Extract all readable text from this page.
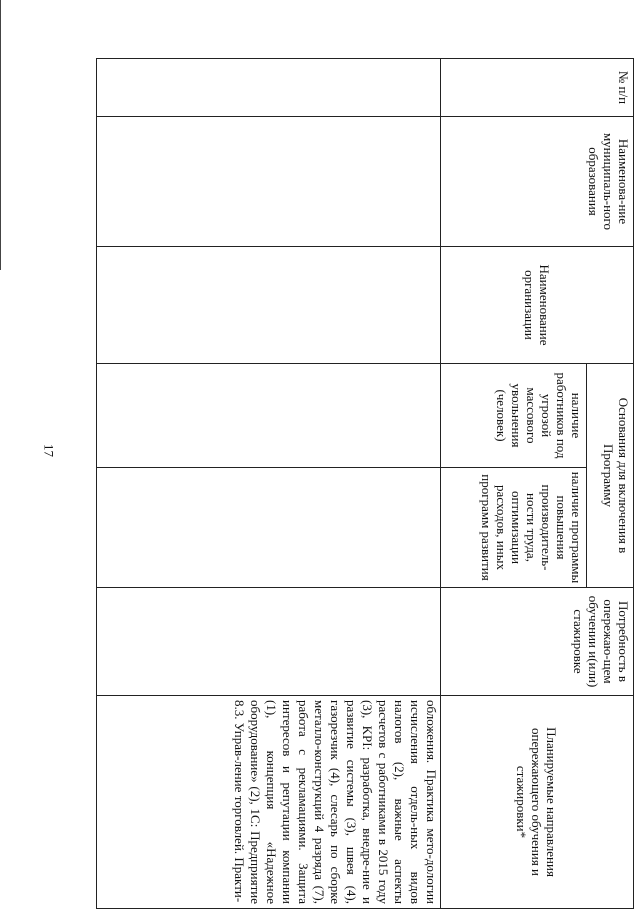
17
№ п/п	Наименова-ние муниципаль-ного образования	Наименование организации	Основания для включения в Программу		Потребность в опережаю-щем обучении и(или) стажировке	Планируемые направления опережающего обучения и стажировки*
			наличие работников под угрозой массового увольнения (человек)	наличие программы повышения производитель-ности труда, оптимизации расходов, иных программ развития		
						обложения. Практика мето-дологии исчисления отдель-ных видов налогов (2), важные аспекты расчетов с работниками в 2015 году (3), KPI: разработка, внедре-ние и развитие системы (3), швея (4), газорезчик (4), слесарь по сборке металло-конструкций 4 разряда (7), работа с рекламациями. Защита интересов и репутации компании (1), концепция «Надежное оборудование» (2), 1С: Предприятие 8.3. Управ-ление торговлей. Практи-
